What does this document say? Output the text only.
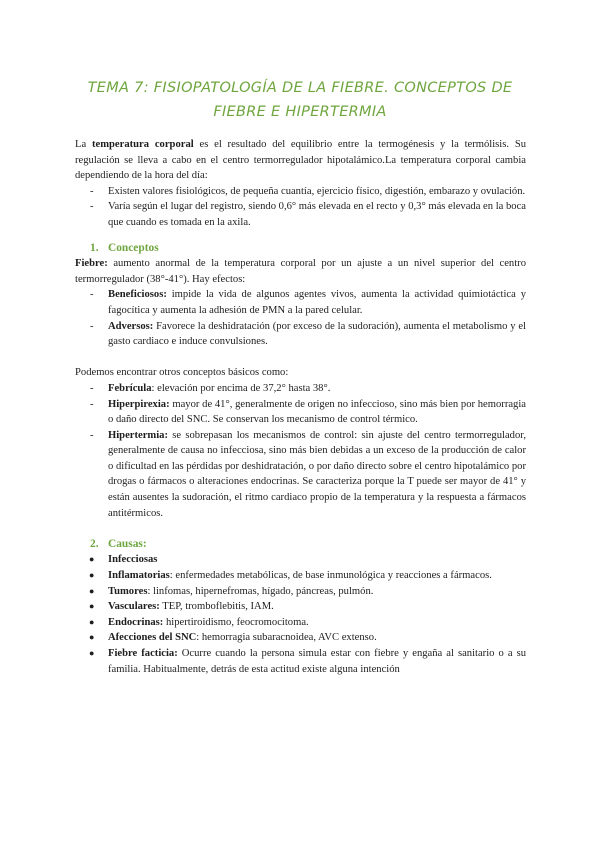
TEMA 7: FISIOPATOLOGÍA DE LA FIEBRE. CONCEPTOS DE FIEBRE E HIPERTERMIA

La temperatura corporal es el resultado del equilibrio entre la termogénesis y la termólisis. Su regulación se lleva a cabo en el centro termorregulador hipotalámico.La temperatura corporal cambia dependiendo de la hora del día:

- Existen valores fisiológicos, de pequeña cuantía, ejercicio físico, digestión, embarazo y ovulación.

- Varía según el lugar del registro, siendo 0,6° más elevada en el recto y 0,3° más elevada en la boca que cuando es tomada en la axila.

1. Conceptos

Fiebre: aumento anormal de la temperatura corporal por un ajuste a un nivel superior del centro termorregulador (38°-41°). Hay efectos:

- Beneficiosos: impide la vida de algunos agentes vivos, aumenta la actividad quimiotáctica y fagocítica y aumenta la adhesión de PMN a la pared celular.

- Adversos: Favorece la deshidratación (por exceso de la sudoración), aumenta el metabolismo y el gasto cardiaco e induce convulsiones.

Podemos encontrar otros conceptos básicos como:

- Febrícula: elevación por encima de 37,2° hasta 38°.

- Hiperpirexia: mayor de 41°, generalmente de origen no infeccioso, sino más bien por hemorragia o daño directo del SNC. Se conservan los mecanismo de control térmico.

- Hipertermia: se sobrepasan los mecanismos de control: sin ajuste del centro termorregulador, generalmente de causa no infecciosa, sino más bien debidas a un exceso de la producción de calor o dificultad en las pérdidas por deshidratación, o por daño directo sobre el centro hipotalámico por drogas o fármacos o alteraciones endocrinas. Se caracteriza porque la T puede ser mayor de 41° y están ausentes la sudoración, el ritmo cardiaco propio de la temperatura y la respuesta a fármacos antitérmicos.

2. Causas:

● Infecciosas

● Inflamatorias: enfermedades metabólicas, de base inmunológica y reacciones a fármacos.

● Tumores: linfomas, hipernefromas, hígado, páncreas, pulmón.

● Vasculares: TEP, tromboflebitis, IAM.

● Endocrinas: hipertiroidismo, feocromocitoma.

● Afecciones del SNC: hemorragia subaracnoidea, AVC extenso.

● Fiebre facticia: Ocurre cuando la persona simula estar con fiebre y engaña al sanitario o a su familia. Habitualmente, detrás de esta actitud existe alguna intención
